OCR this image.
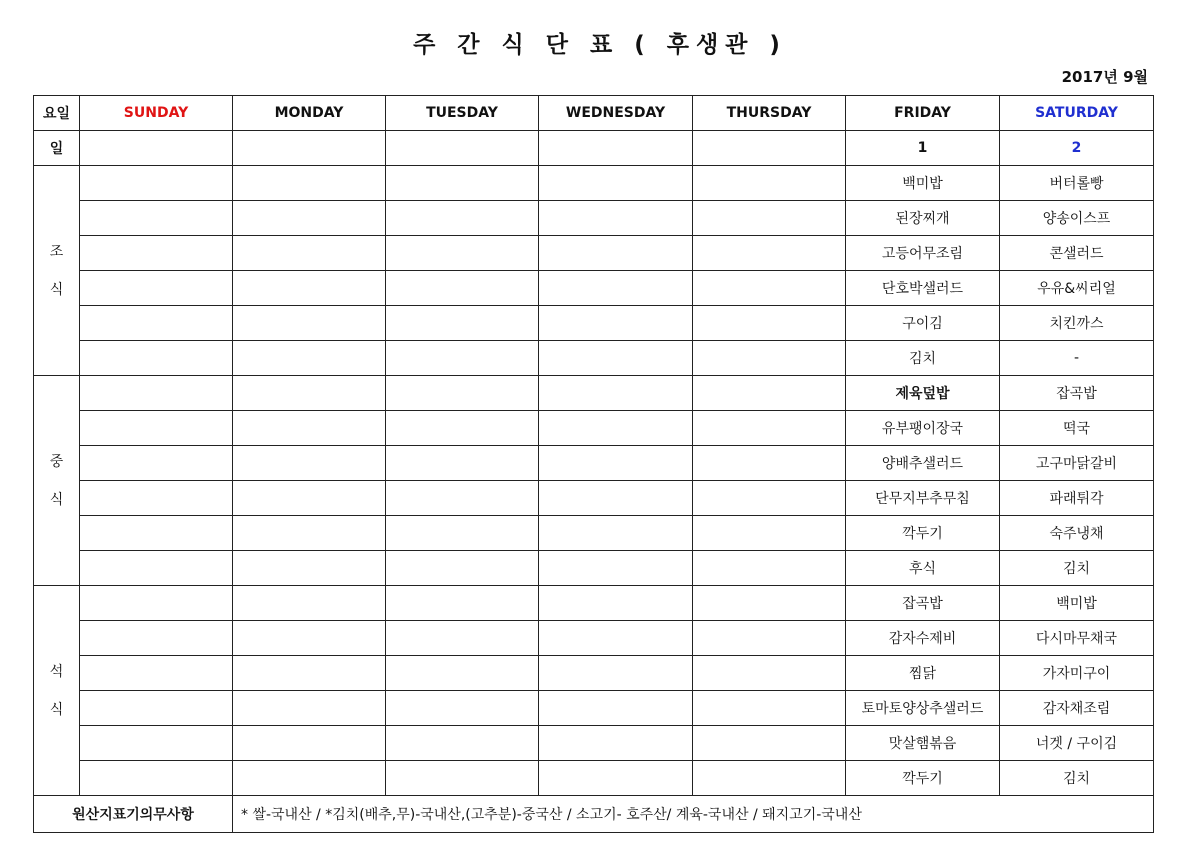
주 간 식 단 표 ( 후생관 )
2017년 9월
요일	SUNDAY	MONDAY	TUESDAY	WEDNESDAY	THURSDAY	FRIDAY	SATURDAY
일						1	2

조
식						백미밥	버터롤빵
						된장찌개	양송이스프
						고등어무조림	콘샐러드
						단호박샐러드	우유&씨리얼
						구이김	치킨까스
						김치	-

중
식						제육덮밥	잡곡밥
						유부팽이장국	떡국
						양배추샐러드	고구마닭갈비
						단무지부추무침	파래튀각
						깍두기	숙주냉채
						후식	김치

석
식						잡곡밥	백미밥
						감자수제비	다시마무채국
						찜닭	가자미구이
						토마토양상추샐러드	감자채조림
						맛살햄볶음	너겟 / 구이김
						깍두기	김치
원산지표기의무사항		* 쌀-국내산 / *김치(배추,무)-국내산,(고추분)-중국산 / 소고기- 호주산/ 계육-국내산 / 돼지고기-국내산					
